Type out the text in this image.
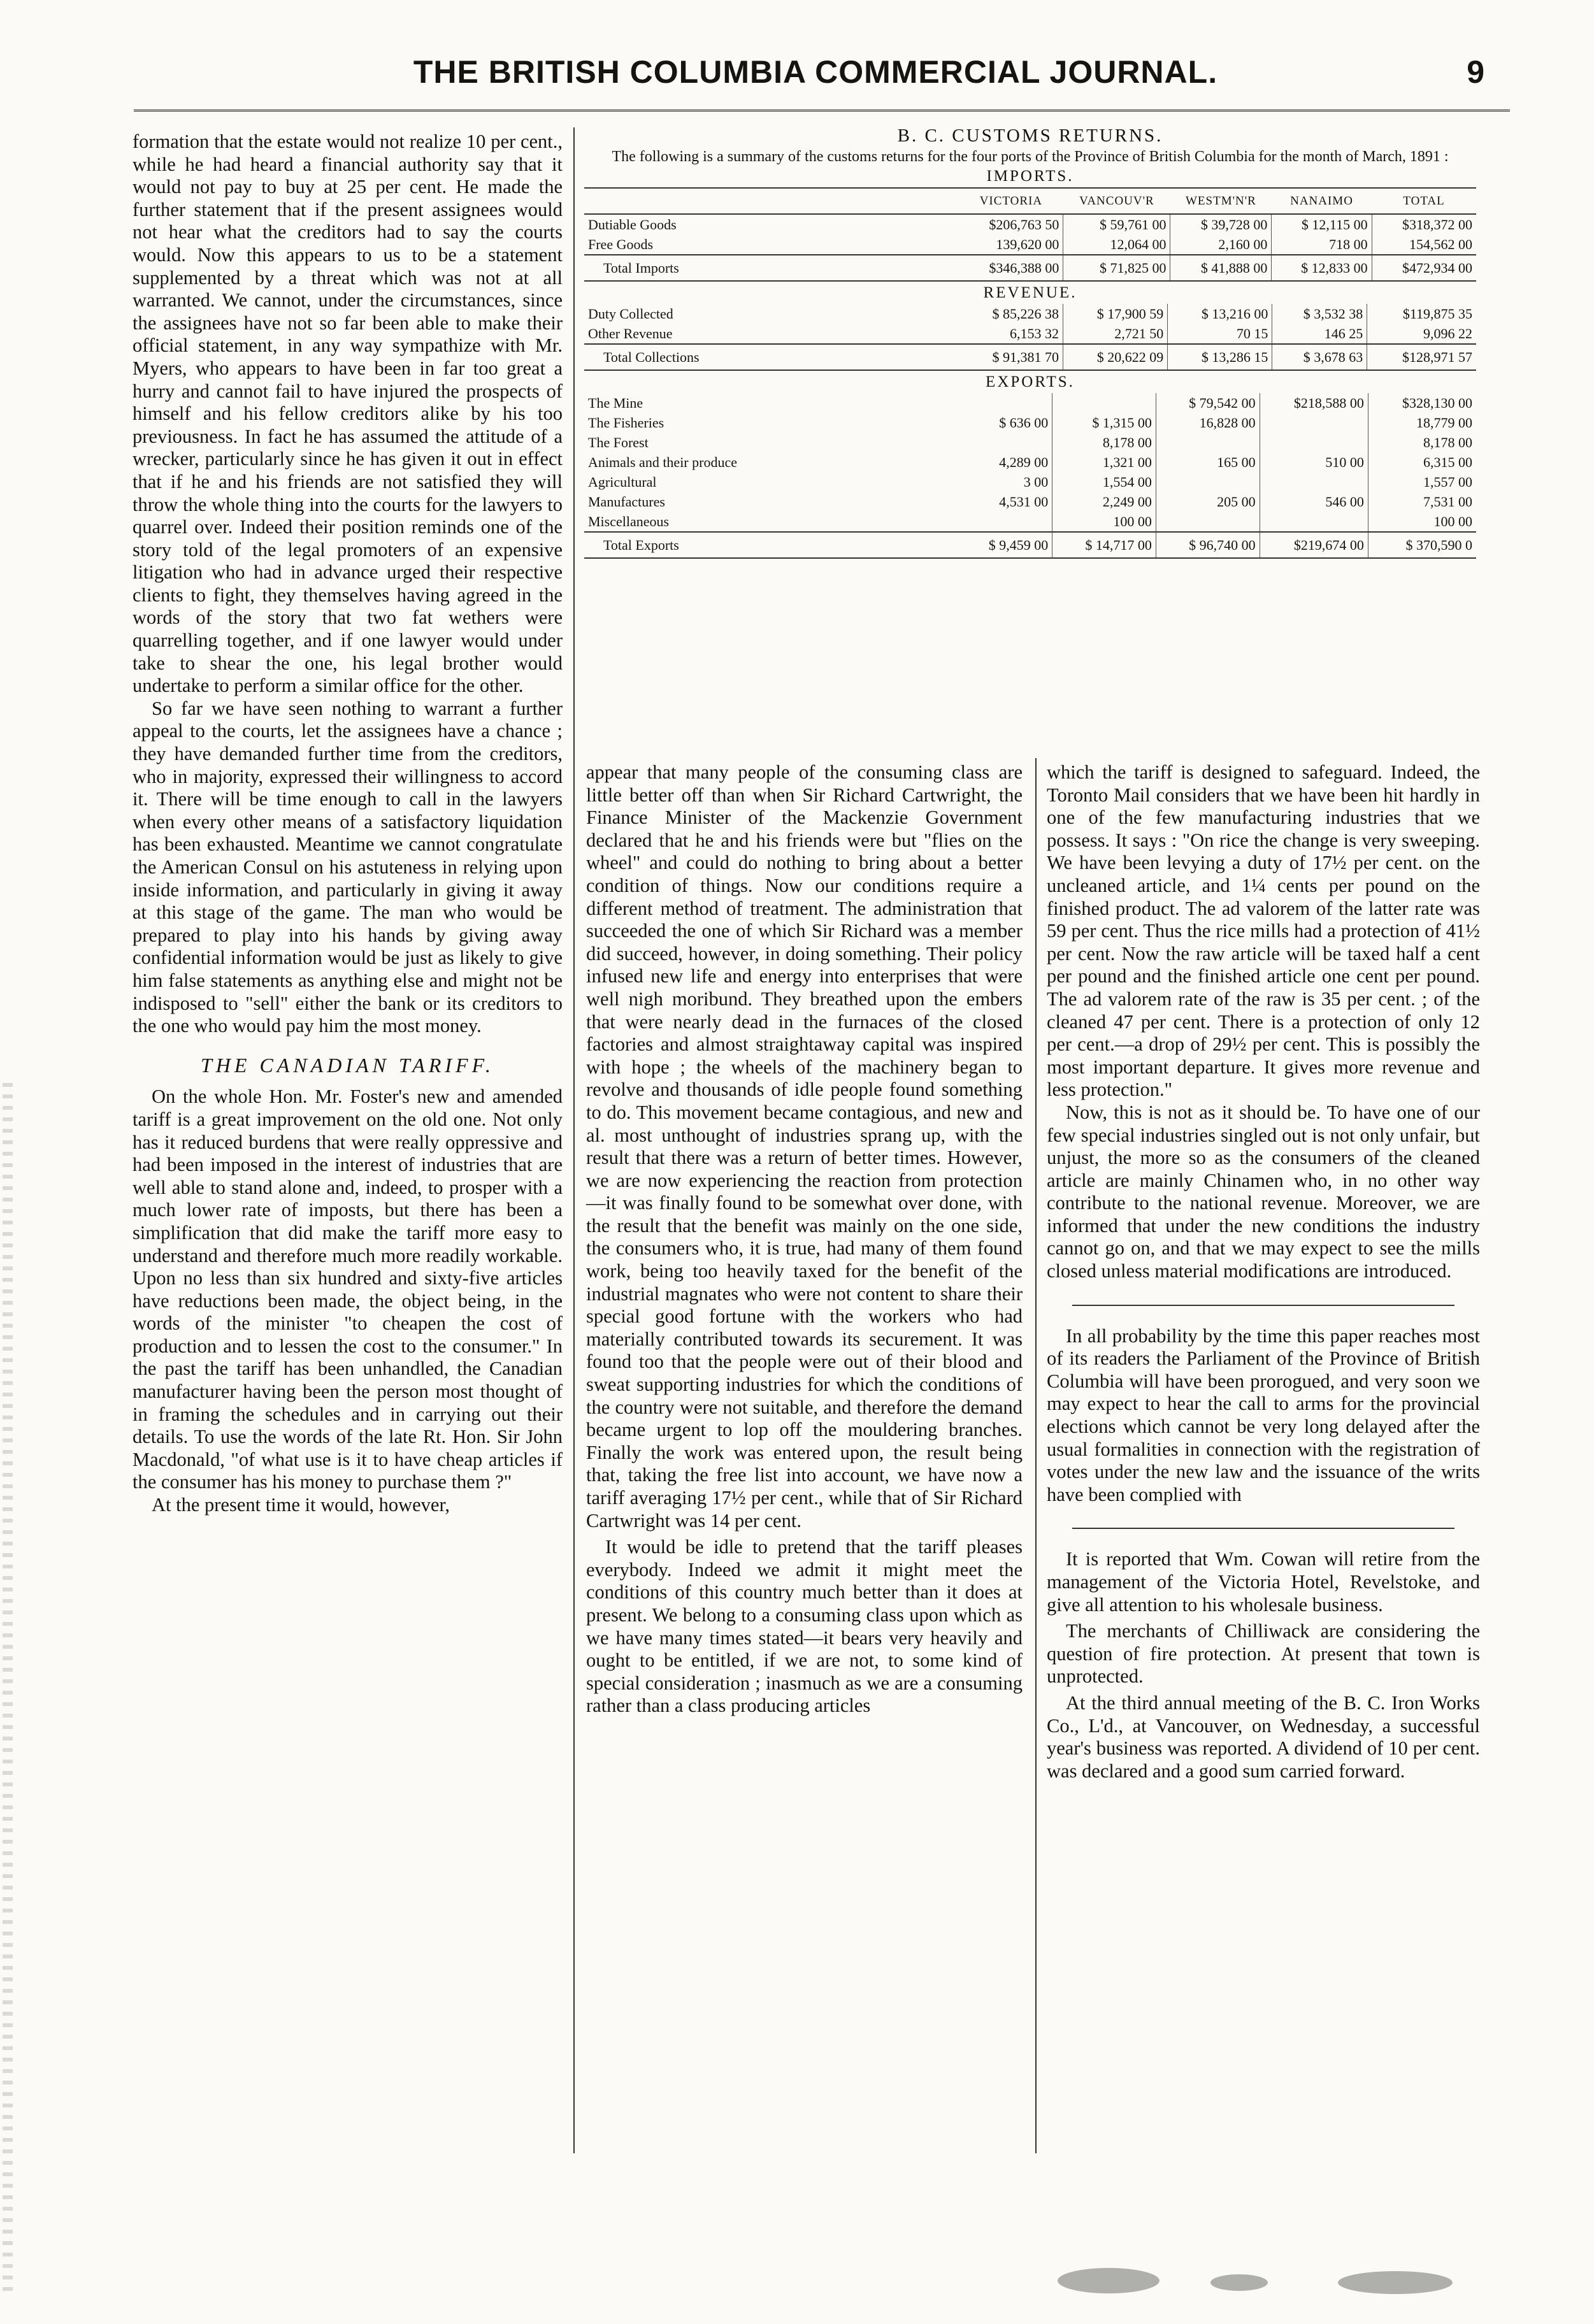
THE BRITISH COLUMBIA COMMERCIAL JOURNAL.	9

formation that the estate would not realize 10 per cent., while he had heard a financial authority say that it would not pay to buy at 25 per cent. He made the further statement that if the present assignees would not hear what the creditors had to say the courts would. Now this appears to us to be a statement supplemented by a threat which was not at all warranted. We cannot, under the circumstances, since the assignees have not so far been able to make their official statement, in any way sympathize with Mr. Myers, who appears to have been in far too great a hurry and cannot fail to have injured the prospects of himself and his fellow creditors alike by his too previousness. In fact he has assumed the attitude of a wrecker, particularly since he has given it out in effect that if he and his friends are not satisfied they will throw the whole thing into the courts for the lawyers to quarrel over. Indeed their position reminds one of the story told of the legal promoters of an expensive litigation who had in advance urged their respective clients to fight, they themselves having agreed in the words of the story that two fat wethers were quarrelling together, and if one lawyer would under take to shear the one, his legal brother would undertake to perform a similar office for the other.

So far we have seen nothing to warrant a further appeal to the courts, let the assignees have a chance ; they have demanded further time from the creditors, who in majority, expressed their willingness to accord it. There will be time enough to call in the lawyers when every other means of a satisfactory liquidation has been exhausted. Meantime we cannot congratulate the American Consul on his astuteness in relying upon inside information, and particularly in giving it away at this stage of the game. The man who would be prepared to play into his hands by giving away confidential information would be just as likely to give him false statements as anything else and might not be indisposed to "sell" either the bank or its creditors to the one who would pay him the most money.

THE CANADIAN TARIFF.

On the whole Hon. Mr. Foster's new and amended tariff is a great improvement on the old one. Not only has it reduced burdens that were really oppressive and had been imposed in the interest of industries that are well able to stand alone and, indeed, to prosper with a much lower rate of imposts, but there has been a simplification that did make the tariff more easy to understand and therefore much more readily workable. Upon no less than six hundred and sixty-five articles have reductions been made, the object being, in the words of the minister "to cheapen the cost of production and to lessen the cost to the consumer." In the past the tariff has been unhandled, the Canadian manufacturer having been the person most thought of in framing the schedules and in carrying out their details. To use the words of the late Rt. Hon. Sir John Macdonald, "of what use is it to have cheap articles if the consumer has his money to purchase them ?"

At the present time it would, however,

B. C. CUSTOMS RETURNS.
The following is a summary of the customs returns for the four ports of the Province of British Columbia for the month of March, 1891 :
IMPORTS.
	VICTORIA	VANCOUV'R	WESTM'N'R	NANAIMO	TOTAL
Dutiable Goods	$206,763 50	$ 59,761 00	$ 39,728 00	$ 12,115 00	$318,372 00
Free Goods	139,620 00	12,064 00	2,160 00	718 00	154,562 00
Total Imports	$346,388 00	$ 71,825 00	$ 41,888 00	$ 12,833 00	$472,934 00
REVENUE.
Duty Collected	$ 85,226 38	$ 17,900 59	$ 13,216 00	$ 3,532 38	$119,875 35
Other Revenue	6,153 32	2,721 50	70 15	146 25	9,096 22
Total Collections	$ 91,381 70	$ 20,622 09	$ 13,286 15	$ 3,678 63	$128,971 57
EXPORTS.
The Mine			$ 79,542 00	$218,588 00	$328,130 00
The Fisheries	$ 636 00	$ 1,315 00	16,828 00		18,779 00
The Forest		8,178 00			8,178 00
Animals and their produce	4,289 00	1,321 00	165 00	510 00	6,315 00
Agricultural	3 00	1,554 00			1,557 00
Manufactures	4,531 00	2,249 00	205 00	546 00	7,531 00
Miscellaneous		100 00			100 00
Total Exports	$ 9,459 00	$ 14,717 00	$ 96,740 00	$219,674 00	$ 370,590 0

appear that many people of the consuming class are little better off than when Sir Richard Cartwright, the Finance Minister of the Mackenzie Government declared that he and his friends were but "flies on the wheel" and could do nothing to bring about a better condition of things. Now our conditions require a different method of treatment. The administration that succeeded the one of which Sir Richard was a member did succeed, however, in doing something. Their policy infused new life and energy into enterprises that were well nigh moribund. They breathed upon the embers that were nearly dead in the furnaces of the closed factories and almost straightaway capital was inspired with hope ; the wheels of the machinery began to revolve and thousands of idle people found something to do. This movement became contagious, and new and al. most unthought of industries sprang up, with the result that there was a return of better times. However, we are now experiencing the reaction from protection—it was finally found to be somewhat over done, with the result that the benefit was mainly on the one side, the consumers who, it is true, had many of them found work, being too heavily taxed for the benefit of the industrial magnates who were not content to share their special good fortune with the workers who had materially contributed towards its securement. It was found too that the people were out of their blood and sweat supporting industries for which the conditions of the country were not suitable, and therefore the demand became urgent to lop off the mouldering branches. Finally the work was entered upon, the result being that, taking the free list into account, we have now a tariff averaging 17½ per cent., while that of Sir Richard Cartwright was 14 per cent.

It would be idle to pretend that the tariff pleases everybody. Indeed we admit it might meet the conditions of this country much better than it does at present. We belong to a consuming class upon which as we have many times stated—it bears very heavily and ought to be entitled, if we are not, to some kind of special consideration ; inasmuch as we are a consuming rather than a class producing articles

which the tariff is designed to safeguard. Indeed, the Toronto Mail considers that we have been hit hardly in one of the few manufacturing industries that we possess. It says : "On rice the change is very sweeping. We have been levying a duty of 17½ per cent. on the uncleaned article, and 1¼ cents per pound on the finished product. The ad valorem of the latter rate was 59 per cent. Thus the rice mills had a protection of 41½ per cent. Now the raw article will be taxed half a cent per pound and the finished article one cent per pound. The ad valorem rate of the raw is 35 per cent. ; of the cleaned 47 per cent. There is a protection of only 12 per cent.—a drop of 29½ per cent. This is possibly the most important departure. It gives more revenue and less protection."

Now, this is not as it should be. To have one of our few special industries singled out is not only unfair, but unjust, the more so as the consumers of the cleaned article are mainly Chinamen who, in no other way contribute to the national revenue. Moreover, we are informed that under the new conditions the industry cannot go on, and that we may expect to see the mills closed unless material modifications are introduced.

In all probability by the time this paper reaches most of its readers the Parliament of the Province of British Columbia will have been prorogued, and very soon we may expect to hear the call to arms for the provincial elections which cannot be very long delayed after the usual formalities in connection with the registration of votes under the new law and the issuance of the writs have been complied with

It is reported that Wm. Cowan will retire from the management of the Victoria Hotel, Revelstoke, and give all attention to his wholesale business.

The merchants of Chilliwack are considering the question of fire protection. At present that town is unprotected.

At the third annual meeting of the B. C. Iron Works Co., L'd., at Vancouver, on Wednesday, a successful year's business was reported. A dividend of 10 per cent. was declared and a good sum carried forward.
